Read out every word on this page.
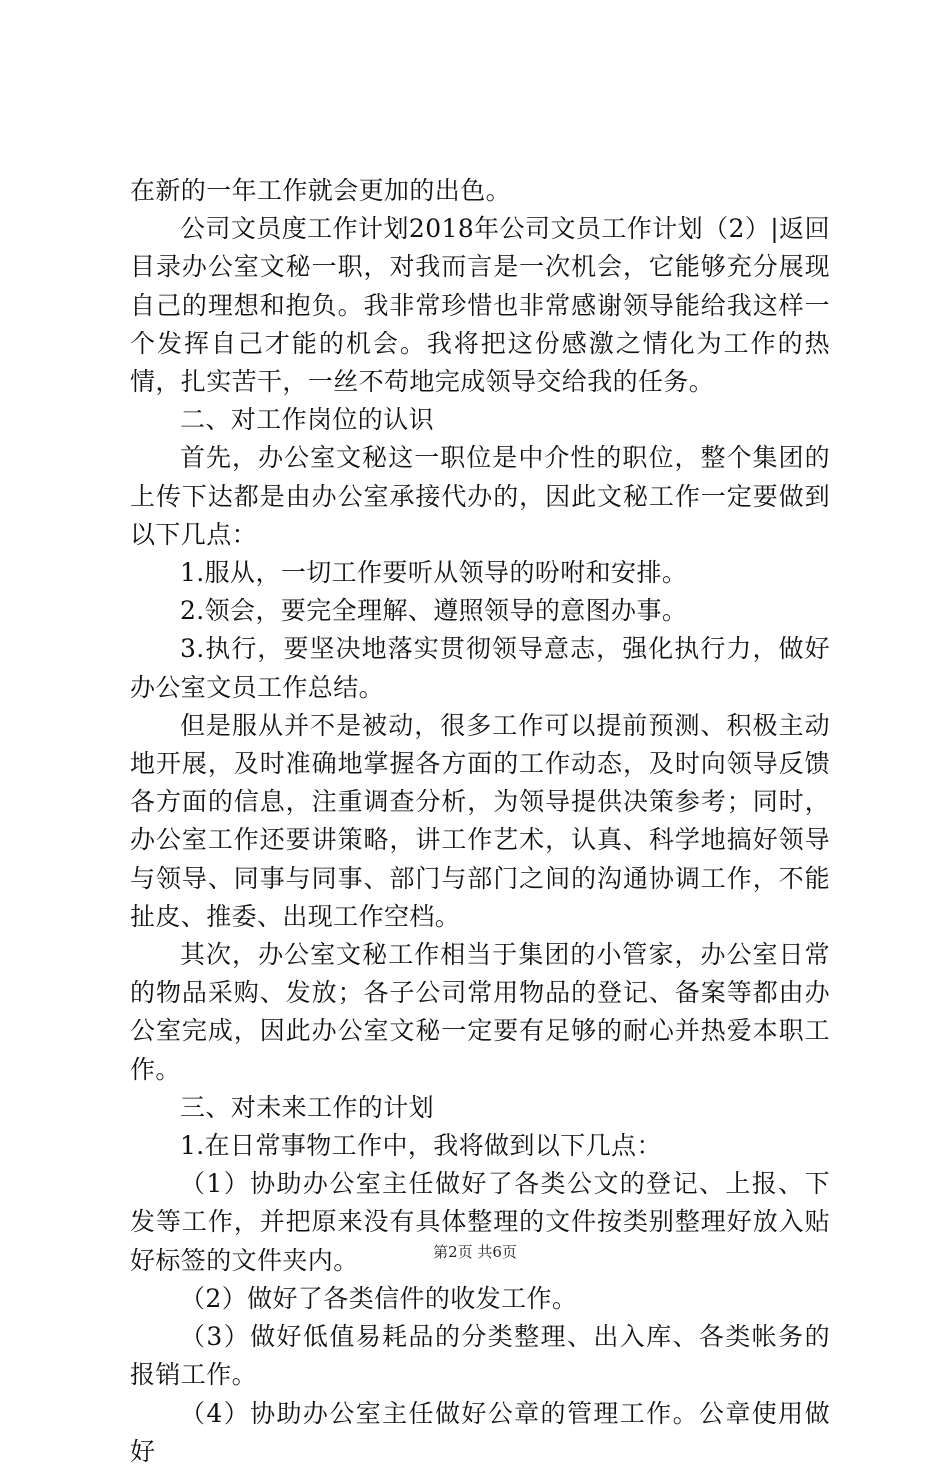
在新的一年工作就会更加的出色。

公司文员度工作计划2018年公司文员工作计划（2）|返回目录办公室文秘一职，对我而言是一次机会，它能够充分展现自己的理想和抱负。我非常珍惜也非常感谢领导能给我这样一个发挥自己才能的机会。我将把这份感激之情化为工作的热情，扎实苦干，一丝不苟地完成领导交给我的任务。

二、对工作岗位的认识

首先，办公室文秘这一职位是中介性的职位，整个集团的上传下达都是由办公室承接代办的，因此文秘工作一定要做到以下几点：

1.服从，一切工作要听从领导的吩咐和安排。

2.领会，要完全理解、遵照领导的意图办事。

3.执行，要坚决地落实贯彻领导意志，强化执行力，做好办公室文员工作总结。

但是服从并不是被动，很多工作可以提前预测、积极主动地开展，及时准确地掌握各方面的工作动态，及时向领导反馈各方面的信息，注重调查分析，为领导提供决策参考；同时，办公室工作还要讲策略，讲工作艺术，认真、科学地搞好领导与领导、同事与同事、部门与部门之间的沟通协调工作，不能扯皮、推委、出现工作空档。

其次，办公室文秘工作相当于集团的小管家，办公室日常的物品采购、发放；各子公司常用物品的登记、备案等都由办公室完成，因此办公室文秘一定要有足够的耐心并热爱本职工作。

三、对未来工作的计划

1.在日常事物工作中，我将做到以下几点：

（1）协助办公室主任做好了各类公文的登记、上报、下发等工作，并把原来没有具体整理的文件按类别整理好放入贴好标签的文件夹内。

（2）做好了各类信件的收发工作。

（3）做好低值易耗品的分类整理、出入库、各类帐务的报销工作。

（4）协助办公室主任做好公章的管理工作。公章使用做好

第2页 共6页
